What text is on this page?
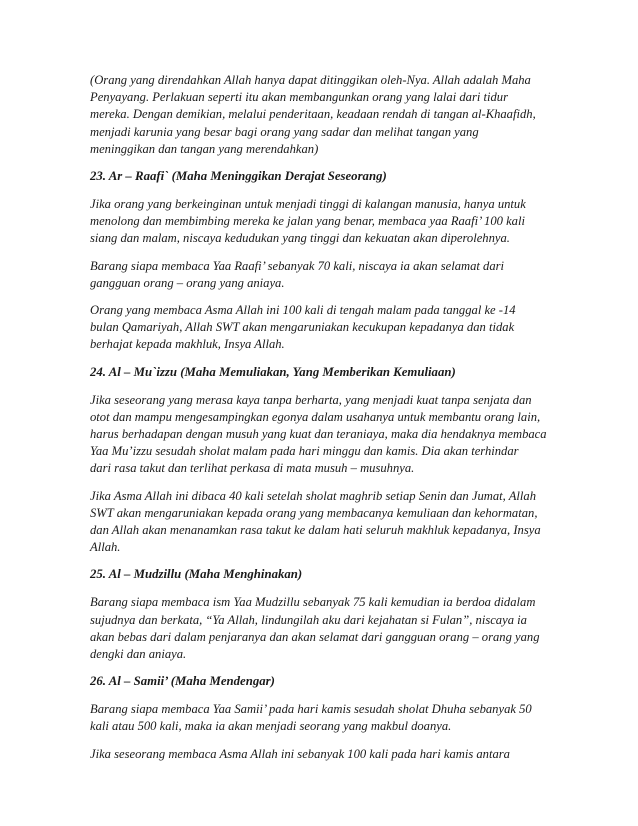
(Orang yang direndahkan Allah hanya dapat ditinggikan oleh-Nya. Allah adalah Maha
Penyayang. Perlakuan seperti itu akan membangunkan orang yang lalai dari tidur
mereka. Dengan demikian, melalui penderitaan, keadaan rendah di tangan al-Khaafidh,
menjadi karunia yang besar bagi orang yang sadar dan melihat tangan yang
meninggikan dan tangan yang merendahkan)

23. Ar – Raafi` (Maha Meninggikan Derajat Seseorang)

Jika orang yang berkeinginan untuk menjadi tinggi di kalangan manusia, hanya untuk
menolong dan membimbing mereka ke jalan yang benar, membaca yaa Raafi’ 100 kali
siang dan malam, niscaya kedudukan yang tinggi dan kekuatan akan diperolehnya.

Barang siapa membaca Yaa Raafi’ sebanyak 70 kali, niscaya ia akan selamat dari
gangguan orang – orang yang aniaya.

Orang yang membaca Asma Allah ini 100 kali di tengah malam pada tanggal ke -14
bulan Qamariyah, Allah SWT akan mengaruniakan kecukupan kepadanya dan tidak
berhajat kepada makhluk, Insya Allah.

24. Al – Mu`izzu (Maha Memuliakan, Yang Memberikan Kemuliaan)

Jika seseorang yang merasa kaya tanpa berharta, yang menjadi kuat tanpa senjata dan
otot dan mampu mengesampingkan egonya dalam usahanya untuk membantu orang lain,
harus berhadapan dengan musuh yang kuat dan teraniaya, maka dia hendaknya membaca
Yaa Mu’izzu sesudah sholat malam pada hari minggu dan kamis. Dia akan terhindar
dari rasa takut dan terlihat perkasa di mata musuh – musuhnya.

Jika Asma Allah ini dibaca 40 kali setelah sholat maghrib setiap Senin dan Jumat, Allah
SWT akan mengaruniakan kepada orang yang membacanya kemuliaan dan kehormatan,
dan Allah akan menanamkan rasa takut ke dalam hati seluruh makhluk kepadanya, Insya
Allah.

25. Al – Mudzillu (Maha Menghinakan)

Barang siapa membaca ism Yaa Mudzillu sebanyak 75 kali kemudian ia berdoa didalam
sujudnya dan berkata, “Ya Allah, lindungilah aku dari kejahatan si Fulan”, niscaya ia
akan bebas dari dalam penjaranya dan akan selamat dari gangguan orang – orang yang
dengki dan aniaya.

26. Al – Samii’ (Maha Mendengar)

Barang siapa membaca Yaa Samii’ pada hari kamis sesudah sholat Dhuha sebanyak 50
kali atau 500 kali, maka ia akan menjadi seorang yang makbul doanya.

Jika seseorang membaca Asma Allah ini sebanyak 100 kali pada hari kamis antara
